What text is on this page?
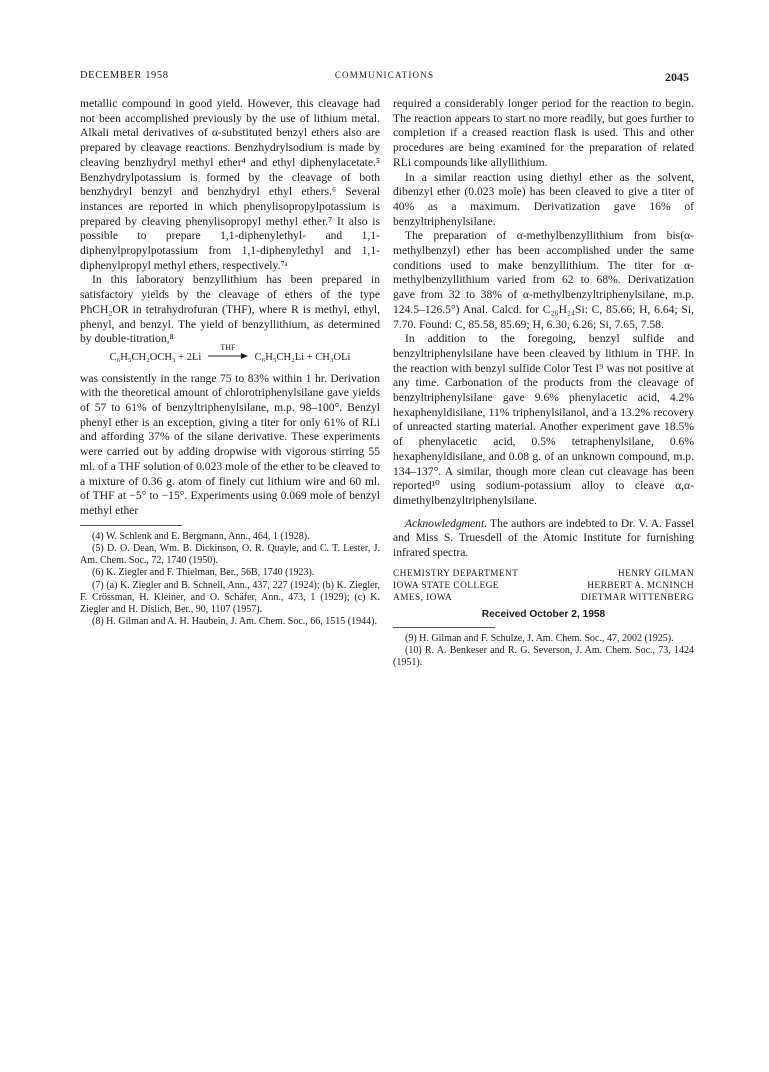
DECEMBER 1958	COMMUNICATIONS	2045

metallic compound in good yield. However, this cleavage had not been accomplished previously by the use of lithium metal. Alkali metal derivatives of α-substituted benzyl ethers also are prepared by cleavage reactions. Benzhydrylsodium is made by cleaving benzhydryl methyl ether⁴ and ethyl diphenylacetate.⁵ Benzhydrylpotassium is formed by the cleavage of both benzhydryl benzyl and benzhydryl ethyl ethers.⁶ Several instances are reported in which phenylisopropylpotassium is prepared by cleaving phenylisopropyl methyl ether.⁷ It also is possible to prepare 1,1-diphenylethyl- and 1,1-diphenylpropylpotassium from 1,1-diphenylethyl and 1,1-diphenylpropyl methyl ethers, respectively.⁷ᵃ

In this laboratory benzyllithium has been prepared in satisfactory yields by the cleavage of ethers of the type PhCH₂OR in tetrahydrofuran (THF), where R is methyl, ethyl, phenyl, and benzyl. The yield of benzyllithium, as determined by double-titration,⁸

C₆H₅CH₂OCH₃ + 2Li
THF
C₆H₅CH₂Li + CH₃OLi

was consistently in the range 75 to 83% within 1 hr. Derivation with the theoretical amount of chlorotriphenylsilane gave yields of 57 to 61% of benzyltriphenylsilane, m.p. 98–100°. Benzyl phenyl ether is an exception, giving a titer for only 61% of RLi and affording 37% of the silane derivative. These experiments were carried out by adding dropwise with vigorous stirring 55 ml. of a THF solution of 0.023 mole of the ether to be cleaved to a mixture of 0.36 g. atom of finely cut lithium wire and 60 ml. of THF at −5° to −15°. Experiments using 0.069 mole of benzyl methyl ether

(4) W. Schlenk and E. Bergmann, Ann., 464, 1 (1928).

(5) D. O. Dean, Wm. B. Dickinson, O. R. Quayle, and C. T. Lester, J. Am. Chem. Soc., 72, 1740 (1950).

(6) K. Ziegler and F. Thielman, Ber., 56B, 1740 (1923).

(7) (a) K. Ziegler and B. Schnell, Ann., 437, 227 (1924); (b) K. Ziegler, F. Crössman, H. Kleiner, and O. Schäfer, Ann., 473, 1 (1929); (c) K. Ziegler and H. Dislich, Ber., 90, 1107 (1957).

(8) H. Gilman and A. H. Haubein, J. Am. Chem. Soc., 66, 1515 (1944).

required a considerably longer period for the reaction to begin. The reaction appears to start no more readily, but goes further to completion if a creased reaction flask is used. This and other procedures are being examined for the preparation of related RLi compounds like allyllithium.

In a similar reaction using diethyl ether as the solvent, dibenzyl ether (0.023 mole) has been cleaved to give a titer of 40% as a maximum. Derivatization gave 16% of benzyltriphenylsilane.

The preparation of α-methylbenzyllithium from bis(α-methylbenzyl) ether has been accomplished under the same conditions used to make benzyllithium. The titer for α-methylbenzyllithium varied from 62 to 68%. Derivatization gave from 32 to 38% of α-methylbenzyltriphenylsilane, m.p. 124.5–126.5°) Anal. Calcd. for C₂₆H₂₄Si: C, 85.66; H, 6.64; Si, 7.70. Found: C, 85.58, 85.69; H, 6.30, 6.26; Si, 7.65, 7.58.

In addition to the foregoing, benzyl sulfide and benzyltriphenylsilane have been cleaved by lithium in THF. In the reaction with benzyl sulfide Color Test I⁹ was not positive at any time. Carbonation of the products from the cleavage of benzyltriphenylsilane gave 9.6% phenylacetic acid, 4.2% hexaphenyldisilane, 11% triphenylsilanol, and a 13.2% recovery of unreacted starting material. Another experiment gave 18.5% of phenylacetic acid, 0.5% tetraphenylsilane, 0.6% hexaphenyldisilane, and 0.08 g. of an unknown compound, m.p. 134–137°. A similar, though more clean cut cleavage has been reported¹⁰ using sodium-potassium alloy to cleave α,α-dimethylbenzyltriphenylsilane.

Acknowledgment. The authors are indebted to Dr. V. A. Fassel and Miss S. Truesdell of the Atomic Institute for furnishing infrared spectra.

CHEMISTRY DEPARTMENT
IOWA STATE COLLEGE
AMES, IOWA
HENRY GILMAN
HERBERT A. MCNINCH
DIETMAR WITTENBERG
Received October 2, 1958

(9) H. Gilman and F. Schulze, J. Am. Chem. Soc., 47, 2002 (1925).

(10) R. A. Benkeser and R. G. Severson, J. Am. Chem. Soc., 73, 1424 (1951).
